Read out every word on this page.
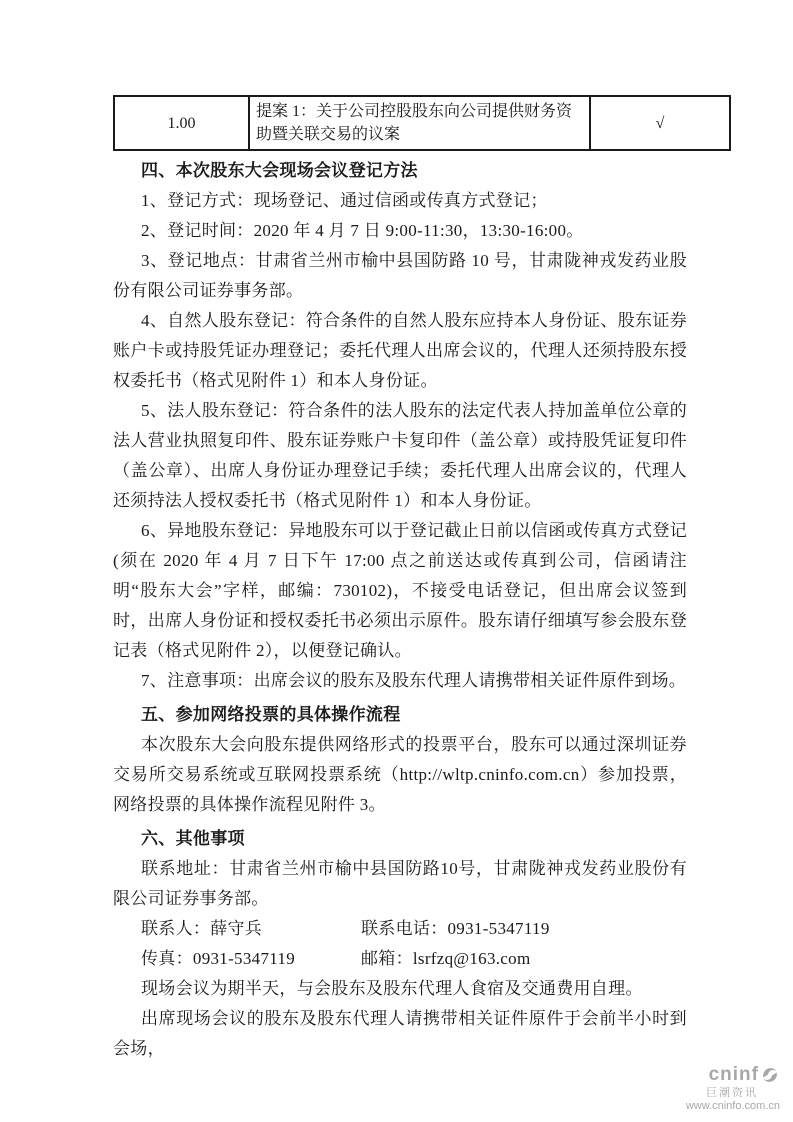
1.00	提案 1：关于公司控股股东向公司提供财务资助暨关联交易的议案	√

四、本次股东大会现场会议登记方法

1、登记方式：现场登记、通过信函或传真方式登记；

2、登记时间：2020 年 4 月 7 日 9:00-11:30，13:30-16:00。

3、登记地点：甘肃省兰州市榆中县国防路 10 号，甘肃陇神戎发药业股份有限公司证券事务部。

4、自然人股东登记：符合条件的自然人股东应持本人身份证、股东证券账户卡或持股凭证办理登记；委托代理人出席会议的，代理人还须持股东授权委托书（格式见附件 1）和本人身份证。

5、法人股东登记：符合条件的法人股东的法定代表人持加盖单位公章的法人营业执照复印件、股东证券账户卡复印件（盖公章）或持股凭证复印件（盖公章）、出席人身份证办理登记手续；委托代理人出席会议的，代理人还须持法人授权委托书（格式见附件 1）和本人身份证。

6、异地股东登记：异地股东可以于登记截止日前以信函或传真方式登记(须在 2020 年 4 月 7 日下午 17:00 点之前送达或传真到公司，信函请注明“股东大会”字样，邮编：730102)，不接受电话登记，但出席会议签到时，出席人身份证和授权委托书必须出示原件。股东请仔细填写参会股东登记表（格式见附件 2），以便登记确认。

7、注意事项：出席会议的股东及股东代理人请携带相关证件原件到场。

五、参加网络投票的具体操作流程

本次股东大会向股东提供网络形式的投票平台，股东可以通过深圳证券交易所交易系统或互联网投票系统（http://wltp.cninfo.com.cn）参加投票，网络投票的具体操作流程见附件 3。

六、其他事项

联系地址：甘肃省兰州市榆中县国防路10号，甘肃陇神戎发药业股份有限公司证券事务部。

联系人：薛守兵	联系电话：0931-5347119
传真：0931-5347119	邮箱：lsrfzq@163.com

现场会议为期半天，与会股东及股东代理人食宿及交通费用自理。

出席现场会议的股东及股东代理人请携带相关证件原件于会前半小时到会场，

cninf
巨潮资讯
www.cninfo.com.cn
